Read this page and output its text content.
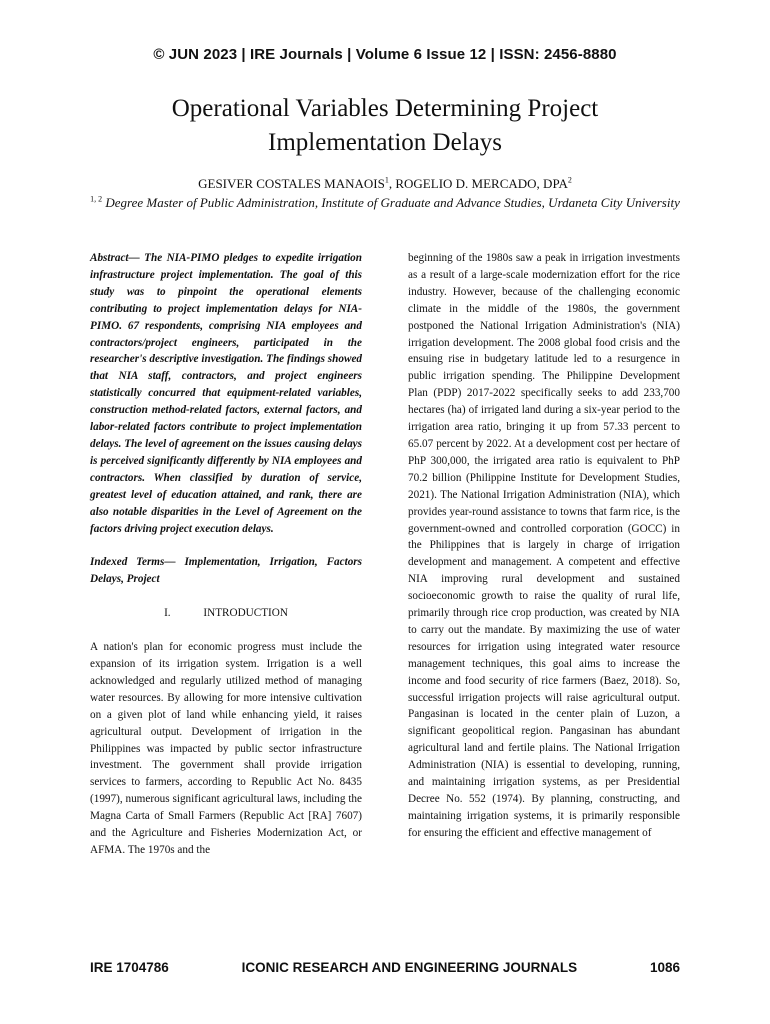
© JUN 2023 | IRE Journals | Volume 6 Issue 12 | ISSN: 2456-8880
Operational Variables Determining Project Implementation Delays
GESIVER COSTALES MANAOIS$^1$, ROGELIO D. MERCADO, DPA$^2$
$^{1, 2}$ Degree Master of Public Administration, Institute of Graduate and Advance Studies, Urdaneta City University

Abstract— The NIA-PIMO pledges to expedite irrigation infrastructure project implementation. The goal of this study was to pinpoint the operational elements contributing to project implementation delays for NIA-PIMO. 67 respondents, comprising NIA employees and contractors/project engineers, participated in the researcher's descriptive investigation. The findings showed that NIA staff, contractors, and project engineers statistically concurred that equipment-related variables, construction method-related factors, external factors, and labor-related factors contribute to project implementation delays. The level of agreement on the issues causing delays is perceived significantly differently by NIA employees and contractors. When classified by duration of service, greatest level of education attained, and rank, there are also notable disparities in the Level of Agreement on the factors driving project execution delays.

Indexed Terms— Implementation, Irrigation, Factors Delays, Project

I.	INTRODUCTION

A nation's plan for economic progress must include the expansion of its irrigation system. Irrigation is a well acknowledged and regularly utilized method of managing water resources. By allowing for more intensive cultivation on a given plot of land while enhancing yield, it raises agricultural output. Development of irrigation in the Philippines was impacted by public sector infrastructure investment. The government shall provide irrigation services to farmers, according to Republic Act No. 8435 (1997), numerous significant agricultural laws, including the Magna Carta of Small Farmers (Republic Act [RA] 7607) and the Agriculture and Fisheries Modernization Act, or AFMA. The 1970s and the

beginning of the 1980s saw a peak in irrigation investments as a result of a large-scale modernization effort for the rice industry. However, because of the challenging economic climate in the middle of the 1980s, the government postponed the National Irrigation Administration's (NIA) irrigation development. The 2008 global food crisis and the ensuing rise in budgetary latitude led to a resurgence in public irrigation spending. The Philippine Development Plan (PDP) 2017-2022 specifically seeks to add 233,700 hectares (ha) of irrigated land during a six-year period to the irrigation area ratio, bringing it up from 57.33 percent to 65.07 percent by 2022. At a development cost per hectare of PhP 300,000, the irrigated area ratio is equivalent to PhP 70.2 billion (Philippine Institute for Development Studies, 2021). The National Irrigation Administration (NIA), which provides year-round assistance to towns that farm rice, is the government-owned and controlled corporation (GOCC) in the Philippines that is largely in charge of irrigation development and management. A competent and effective NIA improving rural development and sustained socioeconomic growth to raise the quality of rural life, primarily through rice crop production, was created by NIA to carry out the mandate. By maximizing the use of water resources for irrigation using integrated water resource management techniques, this goal aims to increase the income and food security of rice farmers (Baez, 2018). So, successful irrigation projects will raise agricultural output. Pangasinan is located in the center plain of Luzon, a significant geopolitical region. Pangasinan has abundant agricultural land and fertile plains. The National Irrigation Administration (NIA) is essential to developing, running, and maintaining irrigation systems, as per Presidential Decree No. 552 (1974). By planning, constructing, and maintaining irrigation systems, it is primarily responsible for ensuring the efficient and effective management of

IRE 1704786	ICONIC RESEARCH AND ENGINEERING JOURNALS	1086
